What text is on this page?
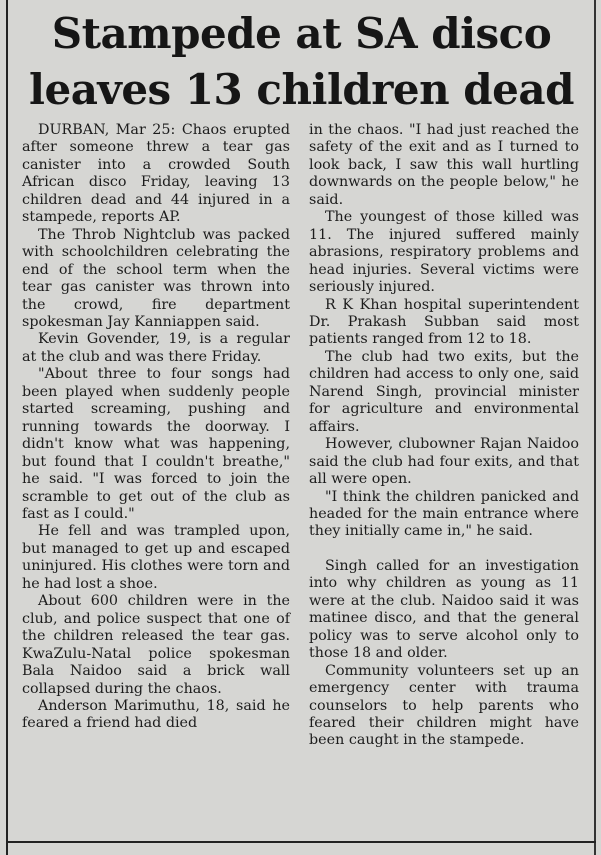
Stampede at SA disco leaves 13 children dead

DURBAN, Mar 25: Chaos erupted after someone threw a tear gas canister into a crowded South African disco Friday, leaving 13 children dead and 44 injured in a stampede, reports AP.

The Throb Nightclub was packed with schoolchildren celebrating the end of the school term when the tear gas canister was thrown into the crowd, fire department spokesman Jay Kanniappen said.

Kevin Govender, 19, is a regular at the club and was there Friday.

"About three to four songs had been played when suddenly people started screaming, pushing and running towards the doorway. I didn't know what was happening, but found that I couldn't breathe," he said. "I was forced to join the scramble to get out of the club as fast as I could."

He fell and was trampled upon, but managed to get up and escaped uninjured. His clothes were torn and he had lost a shoe.

About 600 children were in the club, and police suspect that one of the children released the tear gas. KwaZulu-Natal police spokesman Bala Naidoo said a brick wall collapsed during the chaos.

Anderson Marimuthu, 18, said he feared a friend had died

in the chaos. "I had just reached the safety of the exit and as I turned to look back, I saw this wall hurtling downwards on the people below," he said.

The youngest of those killed was 11. The injured suffered mainly abrasions, respiratory problems and head injuries. Several victims were seriously injured.

R K Khan hospital superintendent Dr. Prakash Subban said most patients ranged from 12 to 18.

The club had two exits, but the children had access to only one, said Narend Singh, provincial minister for agriculture and environmental affairs.

However, clubowner Rajan Naidoo said the club had four exits, and that all were open.

"I think the children panicked and headed for the main entrance where they initially came in," he said.

Singh called for an investigation into why children as young as 11 were at the club. Naidoo said it was matinee disco, and that the general policy was to serve alcohol only to those 18 and older.

Community volunteers set up an emergency center with trauma counselors to help parents who feared their children might have been caught in the stampede.
